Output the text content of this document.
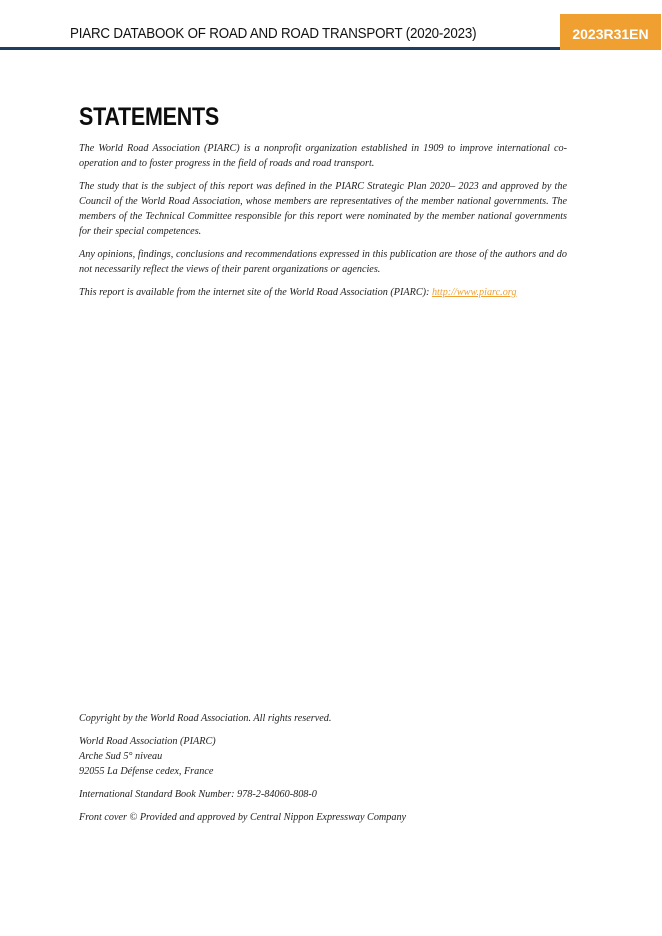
PIARC DATABOOK OF ROAD AND ROAD TRANSPORT (2020-2023)	2023R31EN
STATEMENTS

The World Road Association (PIARC) is a nonprofit organization established in 1909 to improve international co-operation and to foster progress in the field of roads and road transport.

The study that is the subject of this report was defined in the PIARC Strategic Plan 2020– 2023 and approved by the Council of the World Road Association, whose members are representatives of the member national governments. The members of the Technical Committee responsible for this report were nominated by the member national governments for their special competences.

Any opinions, findings, conclusions and recommendations expressed in this publication are those of the authors and do not necessarily reflect the views of their parent organizations or agencies.

This report is available from the internet site of the World Road Association (PIARC): http://www.piarc.org

Copyright by the World Road Association. All rights reserved.

World Road Association (PIARC)
Arche Sud 5° niveau
92055 La Défense cedex, France

International Standard Book Number: 978-2-84060-808-0

Front cover © Provided and approved by Central Nippon Expressway Company
